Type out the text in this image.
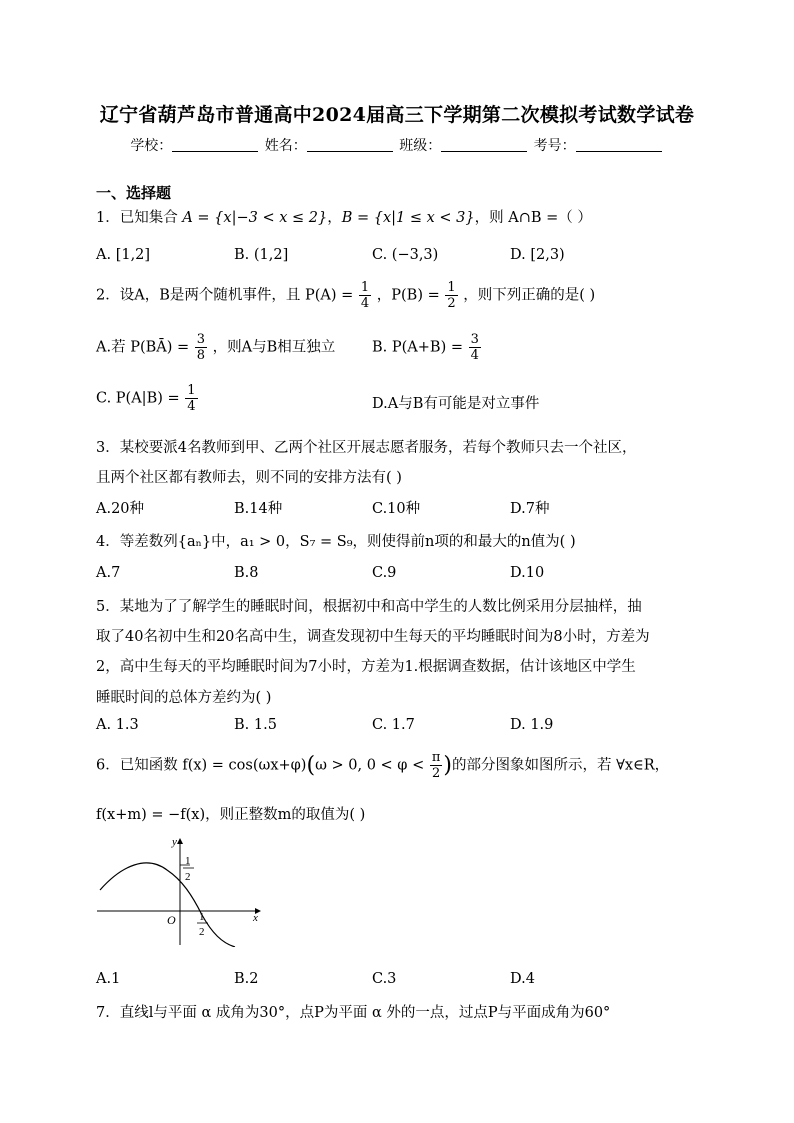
辽宁省葫芦岛市普通高中2024届高三下学期第二次模拟考试数学试卷
学校：	姓名：	班级：	考号：
一、选择题
1．已知集合 A = {x|−3 < x ≤ 2}，B = {x|1 ≤ x < 3}，则 A∩B =（ ）
A. [1,2]	B. (1,2]	C. (−3,3)	D. [2,3)
2．设A，B是两个随机事件，且 $P(A) = \frac{1}{4}$ ，$P(B) = \frac{1}{2}$ ，则下列正确的是( )
A.若 P(BĀ) = $\frac{3}{8}$ ，则A与B相互独立	B. $P(A+B) = \frac{3}{4}$
C. $P(A|B) = \frac{1}{4}$	D.A与B有可能是对立事件
3．某校要派4名教师到甲、乙两个社区开展志愿者服务，若每个教师只去一个社区，
且两个社区都有教师去，则不同的安排方法有( )
A.20种	B.14种	C.10种	D.7种
4．等差数列{aₙ}中，a₁ > 0，S₇ = S₉，则使得前n项的和最大的n值为( )
A.7	B.8	C.9	D.10
5．某地为了了解学生的睡眠时间，根据初中和高中学生的人数比例采用分层抽样，抽
取了40名初中生和20名高中生，调查发现初中生每天的平均睡眠时间为8小时，方差为
2，高中生每天的平均睡眠时间为7小时，方差为1.根据调查数据，估计该地区中学生
睡眠时间的总体方差约为( )
A. 1.3	B. 1.5	C. 1.7	D. 1.9
6．已知函数 f(x) = cos(ωx+φ)(ω > 0, $0 < \varphi < \frac{\pi}{2}$ )的部分图象如图所示，若 ∀x∈R，
f(x+m) = −f(x)，则正整数m的取值为( )
y
x
O
1
2
1
2
A.1	B.2	C.3	D.4
7．直线l与平面 α 成角为30°，点P为平面 α 外的一点，过点P与平面成角为60°
